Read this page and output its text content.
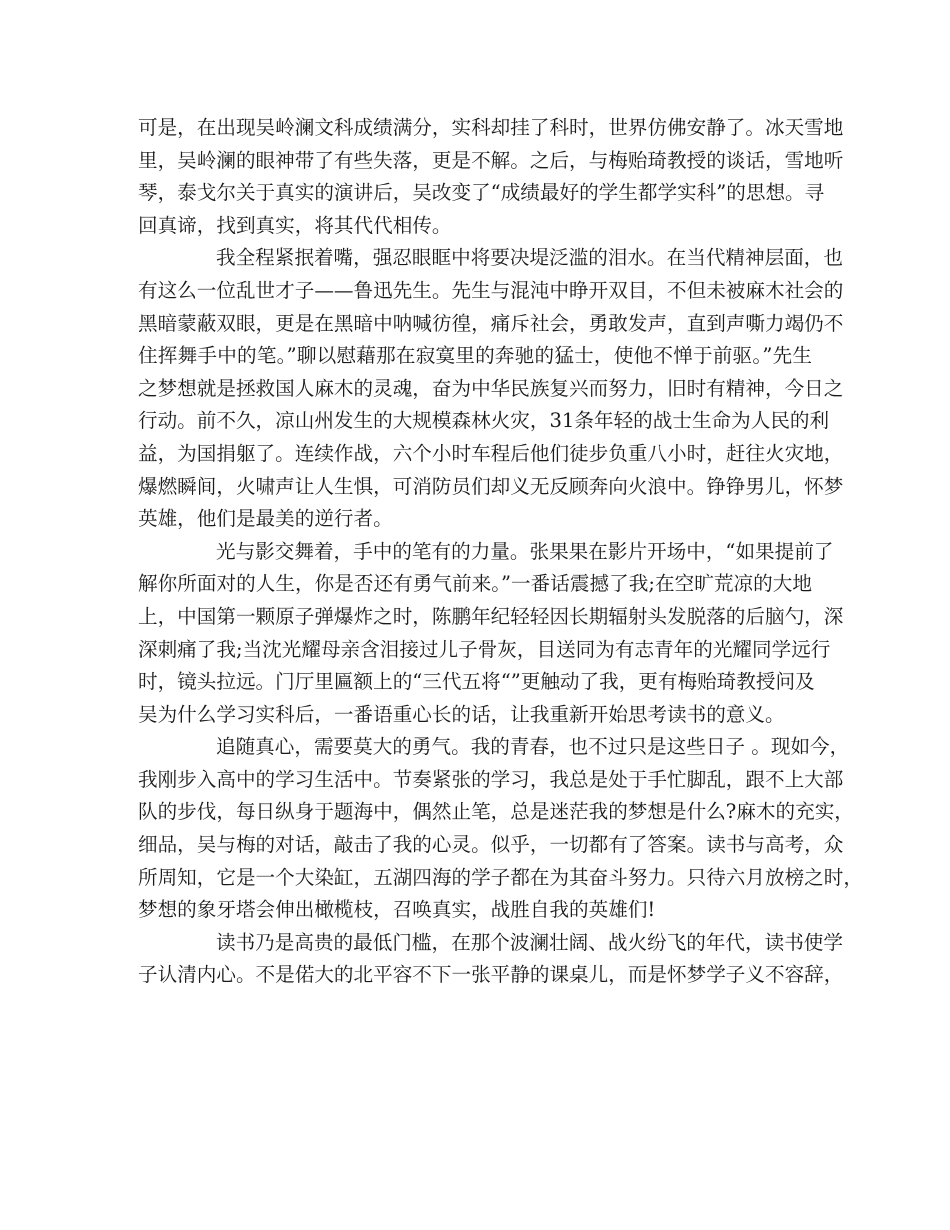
可是，在出现吴岭澜文科成绩满分，实科却挂了科时，世界仿佛安静了。冰天雪地
里，吴岭澜的眼神带了有些失落，更是不解。之后，与梅贻琦教授的谈话，雪地听
琴，泰戈尔关于真实的演讲后，吴改变了“成绩最好的学生都学实科”的思想。寻
回真谛，找到真实，将其代代相传。
我全程紧抿着嘴，强忍眼眶中将要决堤泛滥的泪水。在当代精神层面，也
有这么一位乱世才子——鲁迅先生。先生与混沌中睁开双目，不但未被麻木社会的
黑暗蒙蔽双眼，更是在黑暗中呐喊彷徨，痛斥社会，勇敢发声，直到声嘶力竭仍不
住挥舞手中的笔。”聊以慰藉那在寂寞里的奔驰的猛士，使他不惮于前驱。”先生
之梦想就是拯救国人麻木的灵魂，奋为中华民族复兴而努力，旧时有精神，今日之
行动。前不久，凉山州发生的大规模森林火灾，31条年轻的战士生命为人民的利
益，为国捐躯了。连续作战，六个小时车程后他们徒步负重八小时，赶往火灾地，
爆燃瞬间，火啸声让人生惧，可消防员们却义无反顾奔向火浪中。铮铮男儿，怀梦
英雄，他们是最美的逆行者。
光与影交舞着，手中的笔有的力量。张果果在影片开场中，“如果提前了
解你所面对的人生，你是否还有勇气前来。”一番话震撼了我;在空旷荒凉的大地
上，中国第一颗原子弹爆炸之时，陈鹏年纪轻轻因长期辐射头发脱落的后脑勺，深
深刺痛了我;当沈光耀母亲含泪接过儿子骨灰，目送同为有志青年的光耀同学远行
时，镜头拉远。门厅里匾额上的“三代五将“”更触动了我，更有梅贻琦教授问及
吴为什么学习实科后，一番语重心长的话，让我重新开始思考读书的意义。
追随真心，需要莫大的勇气。我的青春，也不过只是这些日子 。现如今，
我刚步入高中的学习生活中。节奏紧张的学习，我总是处于手忙脚乱，跟不上大部
队的步伐，每日纵身于题海中，偶然止笔，总是迷茫我的梦想是什么?麻木的充实，
细品，吴与梅的对话，敲击了我的心灵。似乎，一切都有了答案。读书与高考，众
所周知，它是一个大染缸，五湖四海的学子都在为其奋斗努力。只待六月放榜之时，
梦想的象牙塔会伸出橄榄枝，召唤真实，战胜自我的英雄们!
读书乃是高贵的最低门槛，在那个波澜壮阔、战火纷飞的年代，读书使学
子认清内心。不是偌大的北平容不下一张平静的课桌儿，而是怀梦学子义不容辞，
